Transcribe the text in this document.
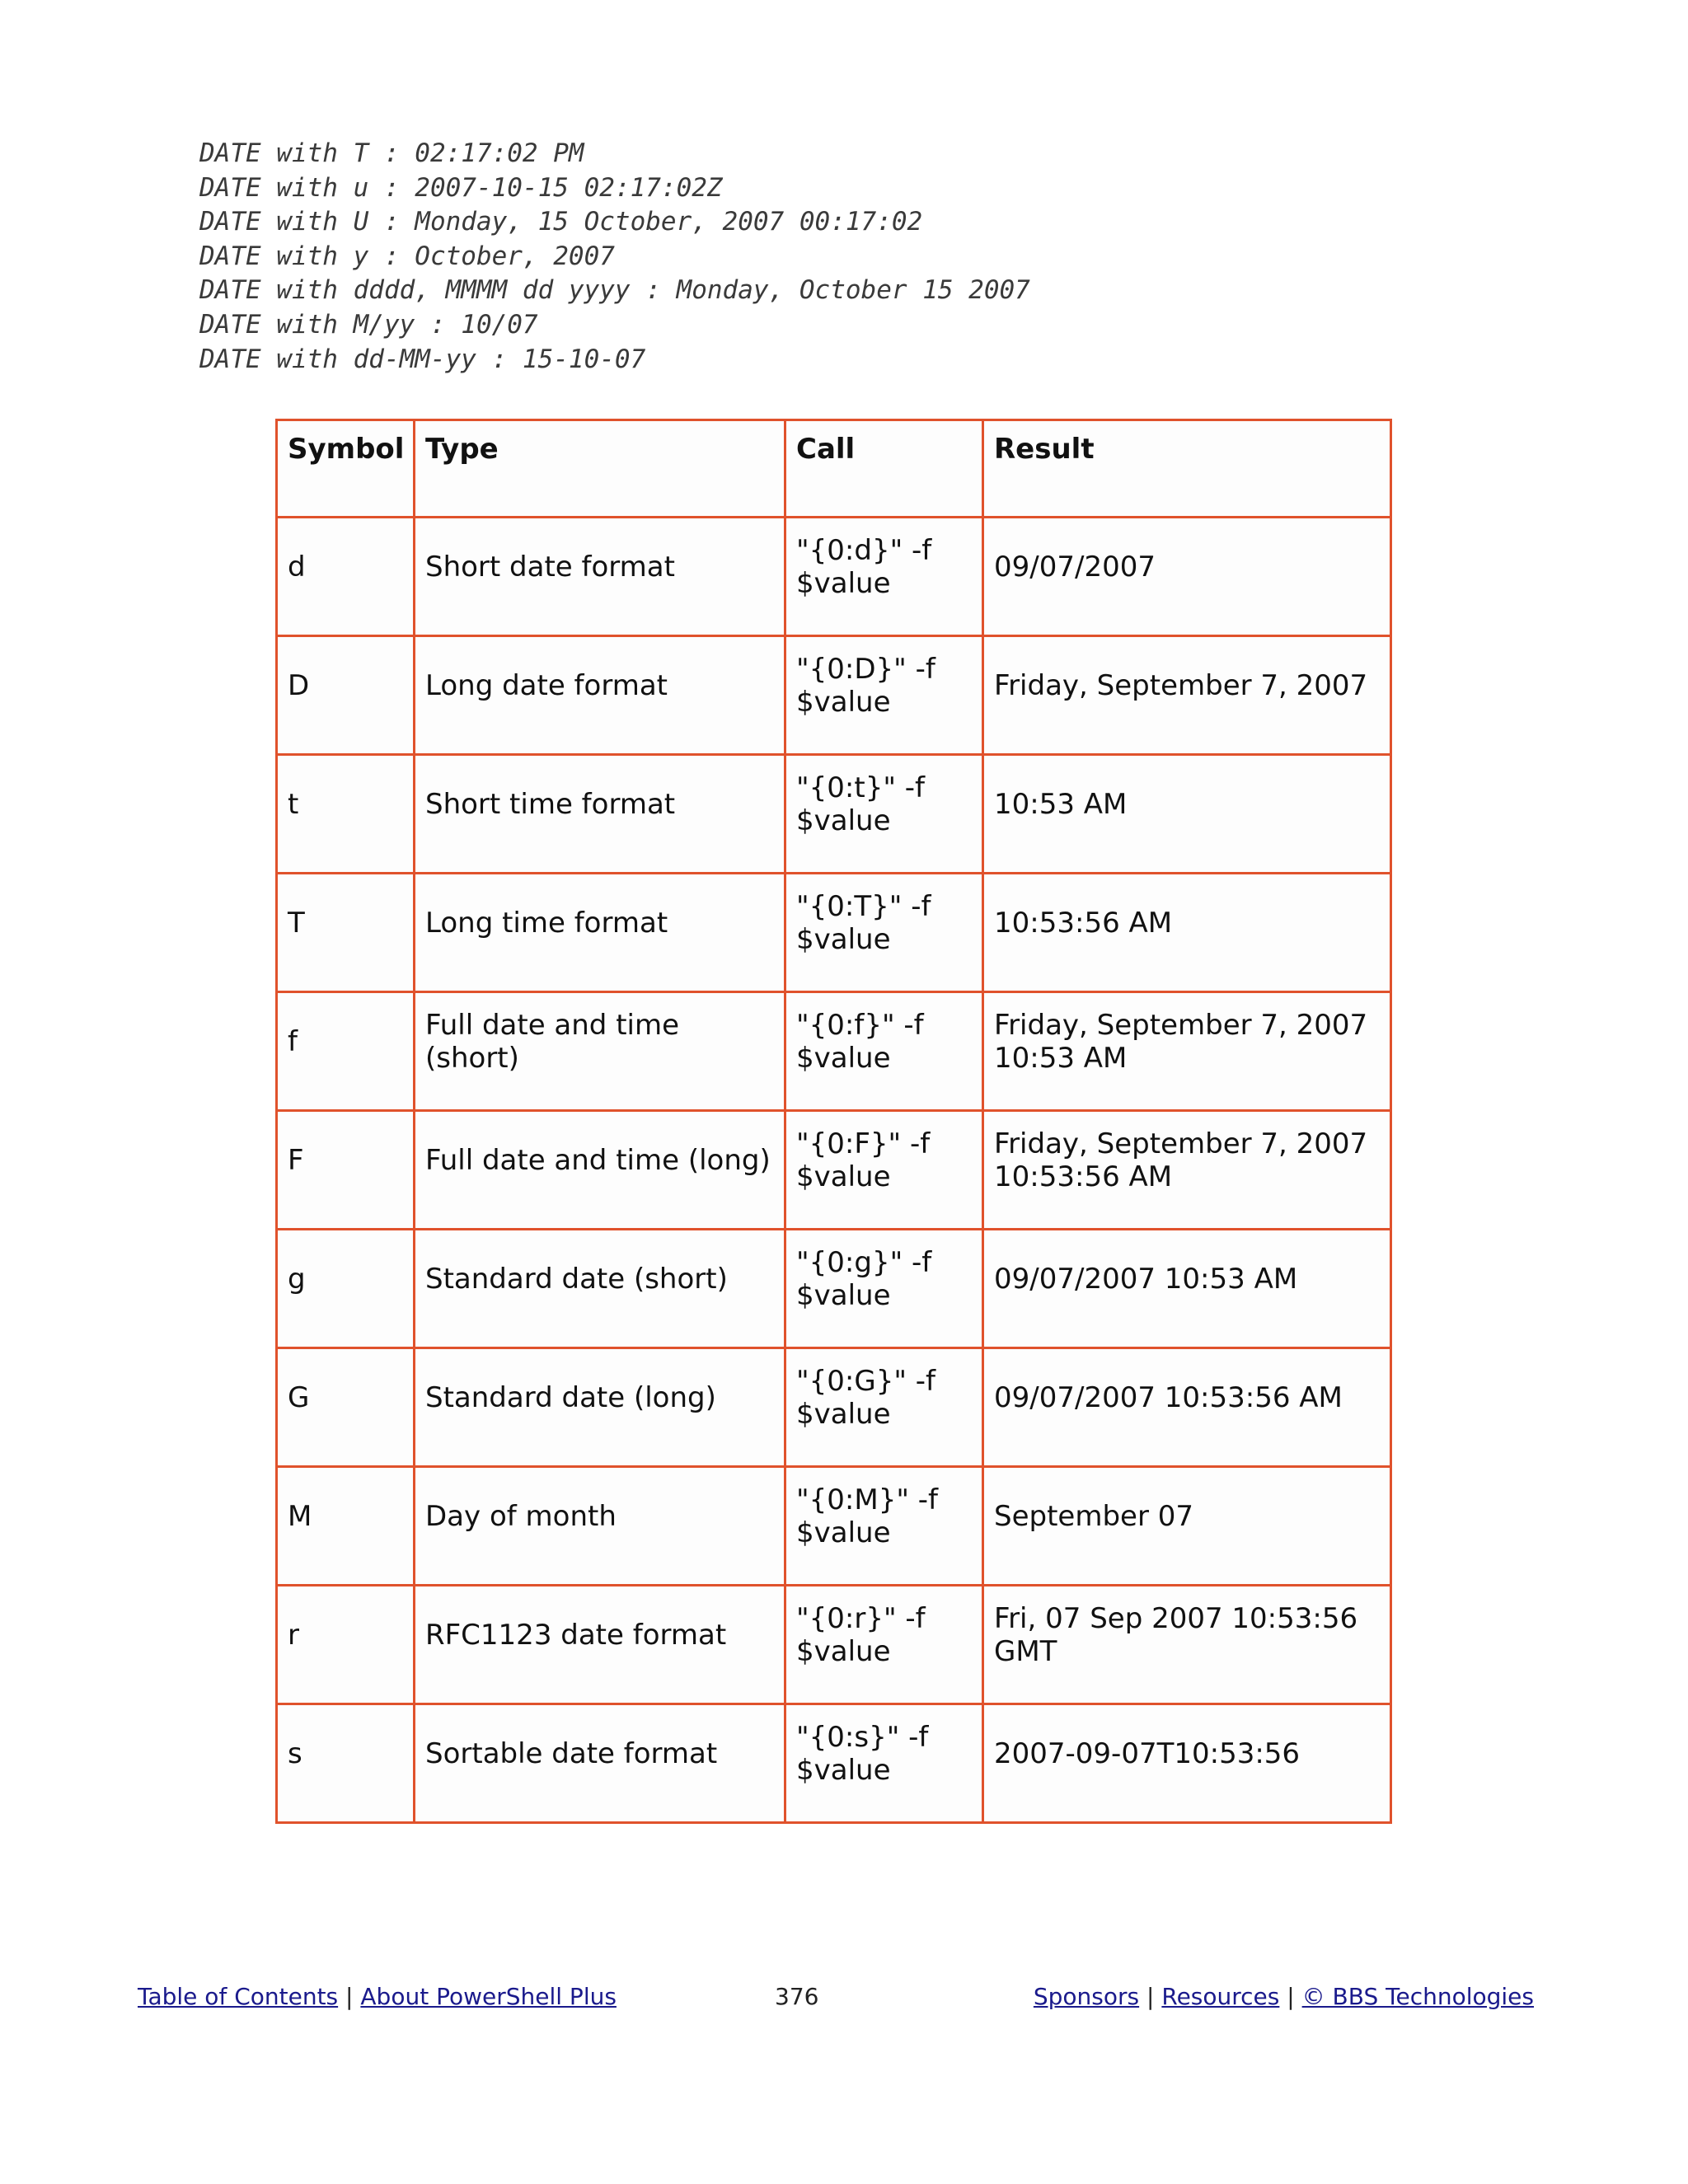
DATE with T : 02:17:02 PM
DATE with u : 2007-10-15 02:17:02Z
DATE with U : Monday, 15 October, 2007 00:17:02
DATE with y : October, 2007
DATE with dddd, MMMM dd yyyy : Monday, October 15 2007
DATE with M/yy : 10/07
DATE with dd-MM-yy : 15-10-07
Symbol	Type	Call	Result

d	Short date format	"{0:d}" -f $value	09/07/2007

D	Long date format	"{0:D}" -f $value	Friday, September 7, 2007

t	Short time format	"{0:t}" -f $value	10:53 AM

T	Long time format	"{0:T}" -f $value	10:53:56 AM

f	Full date and time (short)	"{0:f}" -f $value	Friday, September 7, 2007 10:53 AM

F	Full date and time (long)	"{0:F}" -f $value	Friday, September 7, 2007 10:53:56 AM

g	Standard date (short)	"{0:g}" -f $value	09/07/2007 10:53 AM

G	Standard date (long)	"{0:G}" -f $value	09/07/2007 10:53:56 AM

M	Day of month	"{0:M}" -f $value	September 07

r	RFC1123 date format	"{0:r}" -f $value	Fri, 07 Sep 2007 10:53:56 GMT

s	Sortable date format	"{0:s}" -f $value	2007-09-07T10:53:56
Table of Contents | About PowerShell Plus	376	Sponsors | Resources | © BBS Technologies
